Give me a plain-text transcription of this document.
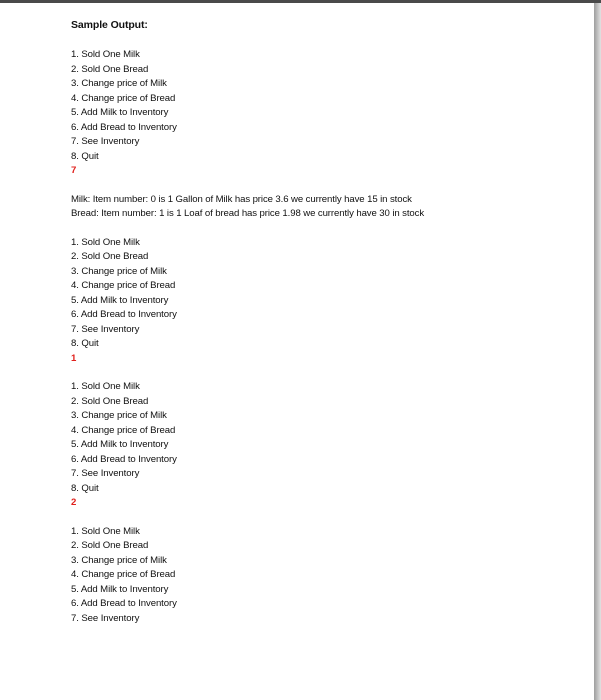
Sample Output:
1. Sold One Milk
2. Sold One Bread
3. Change price of Milk
4. Change price of Bread
5. Add Milk to Inventory
6. Add Bread to Inventory
7. See Inventory
8. Quit
7
Milk: Item number: 0 is 1 Gallon of Milk has price 3.6 we currently have 15 in stock
Bread: Item number: 1 is 1 Loaf of bread has price 1.98 we currently have 30 in stock
1. Sold One Milk
2. Sold One Bread
3. Change price of Milk
4. Change price of Bread
5. Add Milk to Inventory
6. Add Bread to Inventory
7. See Inventory
8. Quit
1
1. Sold One Milk
2. Sold One Bread
3. Change price of Milk
4. Change price of Bread
5. Add Milk to Inventory
6. Add Bread to Inventory
7. See Inventory
8. Quit
2
1. Sold One Milk
2. Sold One Bread
3. Change price of Milk
4. Change price of Bread
5. Add Milk to Inventory
6. Add Bread to Inventory
7. See Inventory
